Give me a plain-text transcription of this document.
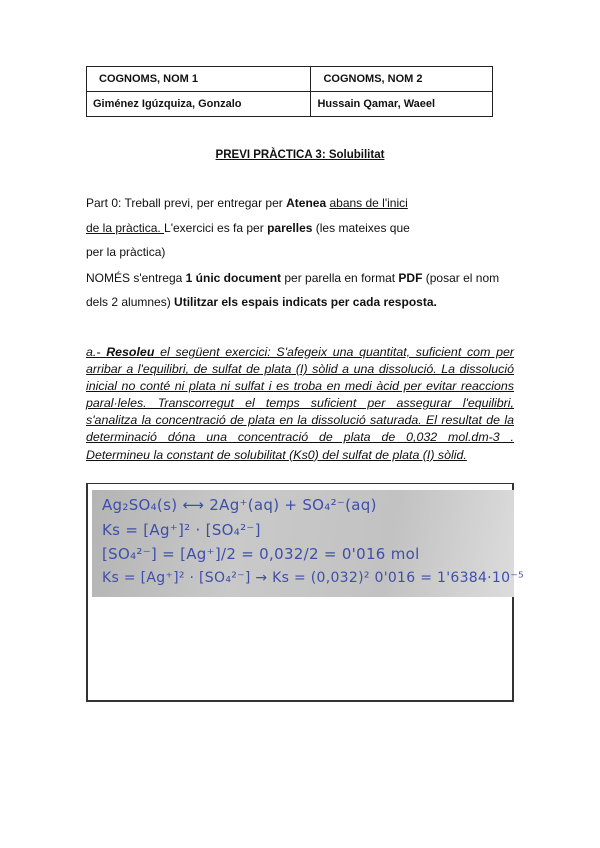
COGNOMS, NOM 1	COGNOMS, NOM 2
Giménez Igúzquiza, Gonzalo	Hussain Qamar, Waeel
PREVI PRÀCTICA 3: Solubilitat
Part 0: Treball previ, per entregar per Atenea abans de l'inici
de la pràctica. L'exercici es fa per parelles (les mateixes que
per la pràctica)
NOMÉS s'entrega 1 únic document per parella en format PDF (posar el nom
dels 2 alumnes) Utilitzar els espais indicats per cada resposta.
a.- Resoleu el següent exercici: S'afegeix una quantitat, suficient com per arribar a l'equilibri, de sulfat de plata (I) sòlid a una dissolució. La dissolució inicial no conté ni plata ni sulfat i es troba en medi àcid per evitar reaccions paral·leles. Transcorregut el temps suficient per assegurar l'equilibri, s'analitza la concentració de plata en la dissolució saturada. El resultat de la determinació dóna una concentració de plata de 0,032 mol.dm-3 . Determineu la constant de solubilitat (Ks0) del sulfat de plata (I) sòlid.
Ag₂SO₄(s) ⟷ 2Ag⁺(aq) + SO₄²⁻(aq)
Ks = [Ag⁺]² · [SO₄²⁻]
[SO₄²⁻] = [Ag⁺]/2 = 0,032/2 = 0'016 mol
Ks = [Ag⁺]² · [SO₄²⁻] → Ks = (0,032)² 0'016 = 1'6384·10⁻⁵
